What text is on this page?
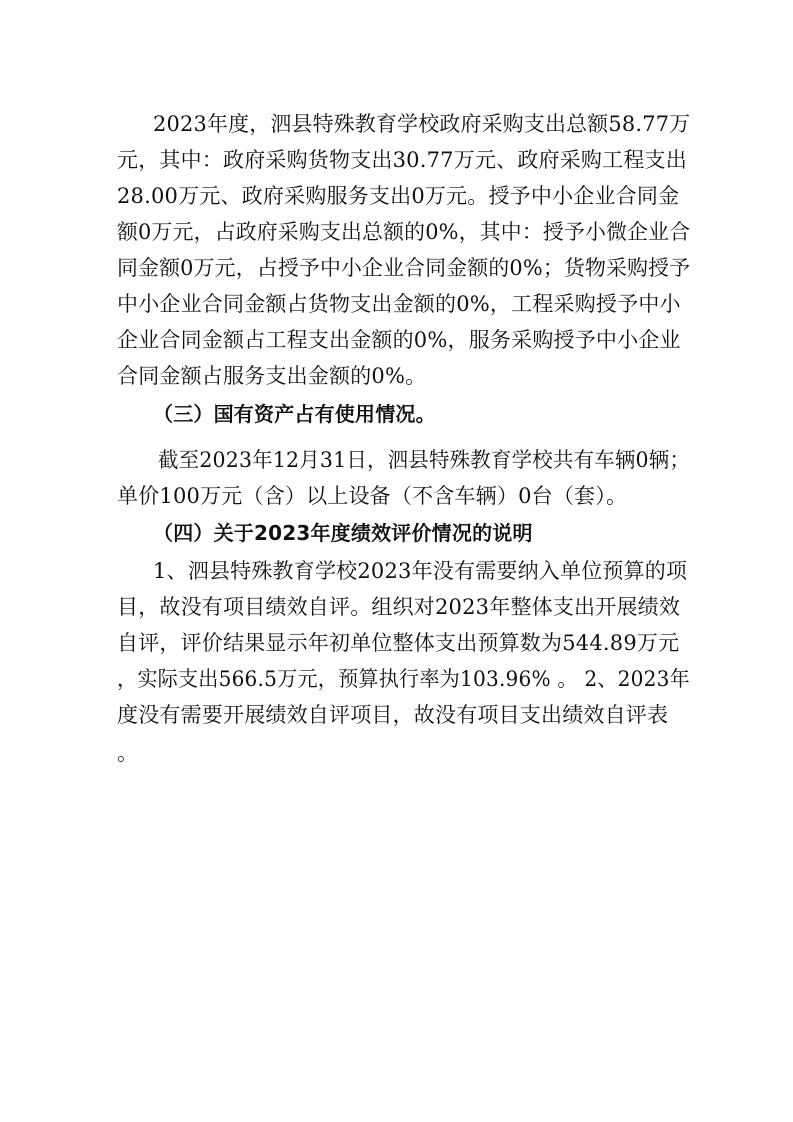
2023年度，泗县特殊教育学校政府采购支出总额58.77万
元，其中：政府采购货物支出30.77万元、政府采购工程支出
28.00万元、政府采购服务支出0万元。授予中小企业合同金
额0万元，占政府采购支出总额的0%，其中：授予小微企业合
同金额0万元，占授予中小企业合同金额的0%；货物采购授予
中小企业合同金额占货物支出金额的0%，工程采购授予中小
企业合同金额占工程支出金额的0%，服务采购授予中小企业
合同金额占服务支出金额的0%。
（三）国有资产占有使用情况。
截至2023年12月31日，泗县特殊教育学校共有车辆0辆；
单价100万元（含）以上设备（不含车辆）0台（套）。
（四）关于2023年度绩效评价情况的说明
1、泗县特殊教育学校2023年没有需要纳入单位预算的项
目，故没有项目绩效自评。组织对2023年整体支出开展绩效
自评，评价结果显示年初单位整体支出预算数为544.89万元
，实际支出566.5万元，预算执行率为103.96% 。 2、2023年
度没有需要开展绩效自评项目，故没有项目支出绩效自评表
。
